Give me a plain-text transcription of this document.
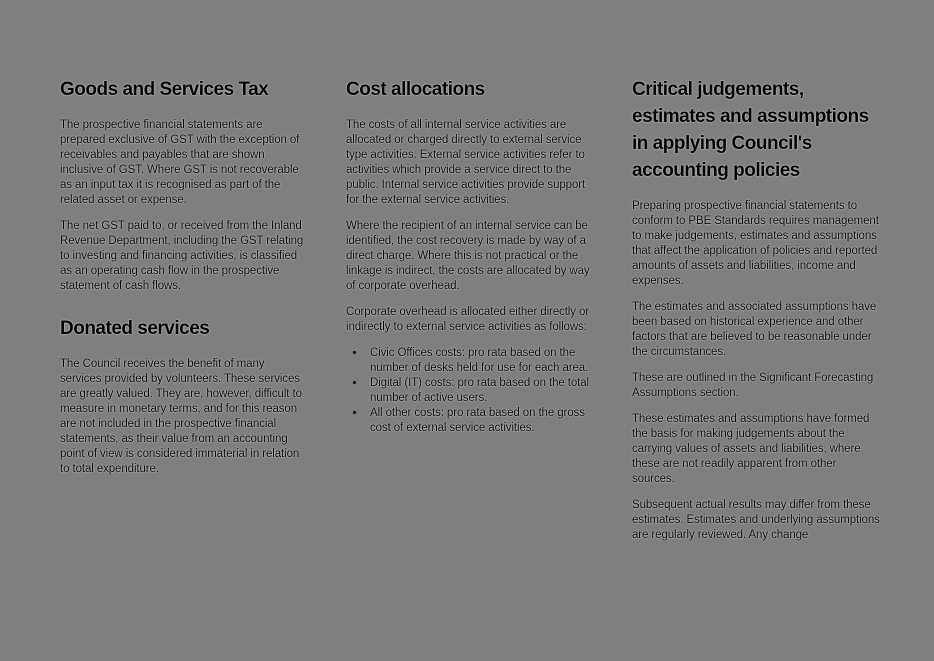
Goods and Services Tax

The prospective financial statements are prepared exclusive of GST with the exception of receivables and payables that are shown inclusive of GST. Where GST is not recoverable as an input tax it is recognised as part of the related asset or expense.

The net GST paid to, or received from the Inland Revenue Department, including the GST relating to investing and financing activities, is classified as an operating cash flow in the prospective statement of cash flows.

Donated services

The Council receives the benefit of many services provided by volunteers. These services are greatly valued. They are, however, difficult to measure in monetary terms, and for this reason are not included in the prospective financial statements, as their value from an accounting point of view is considered immaterial in relation to total expenditure.

Cost allocations

The costs of all internal service activities are allocated or charged directly to external service type activities. External service activities refer to activities which provide a service direct to the public. Internal service activities provide support for the external service activities.

Where the recipient of an internal service can be identified, the cost recovery is made by way of a direct charge. Where this is not practical or the linkage is indirect, the costs are allocated by way of corporate overhead.

Corporate overhead is allocated either directly or indirectly to external service activities as follows:

• Civic Offices costs: pro rata based on the number of desks held for use for each area.
• Digital (IT) costs: pro rata based on the total number of active users.
• All other costs: pro rata based on the gross cost of external service activities.
Critical judgements, estimates and assumptions in applying Council's accounting policies

Preparing prospective financial statements to conform to PBE Standards requires management to make judgements, estimates and assumptions that affect the application of policies and reported amounts of assets and liabilities, income and expenses.

The estimates and associated assumptions have been based on historical experience and other factors that are believed to be reasonable under the circumstances.

These are outlined in the Significant Forecasting Assumptions section.

These estimates and assumptions have formed the basis for making judgements about the carrying values of assets and liabilities, where these are not readily apparent from other sources.

Subsequent actual results may differ from these estimates. Estimates and underlying assumptions are regularly reviewed. Any change
